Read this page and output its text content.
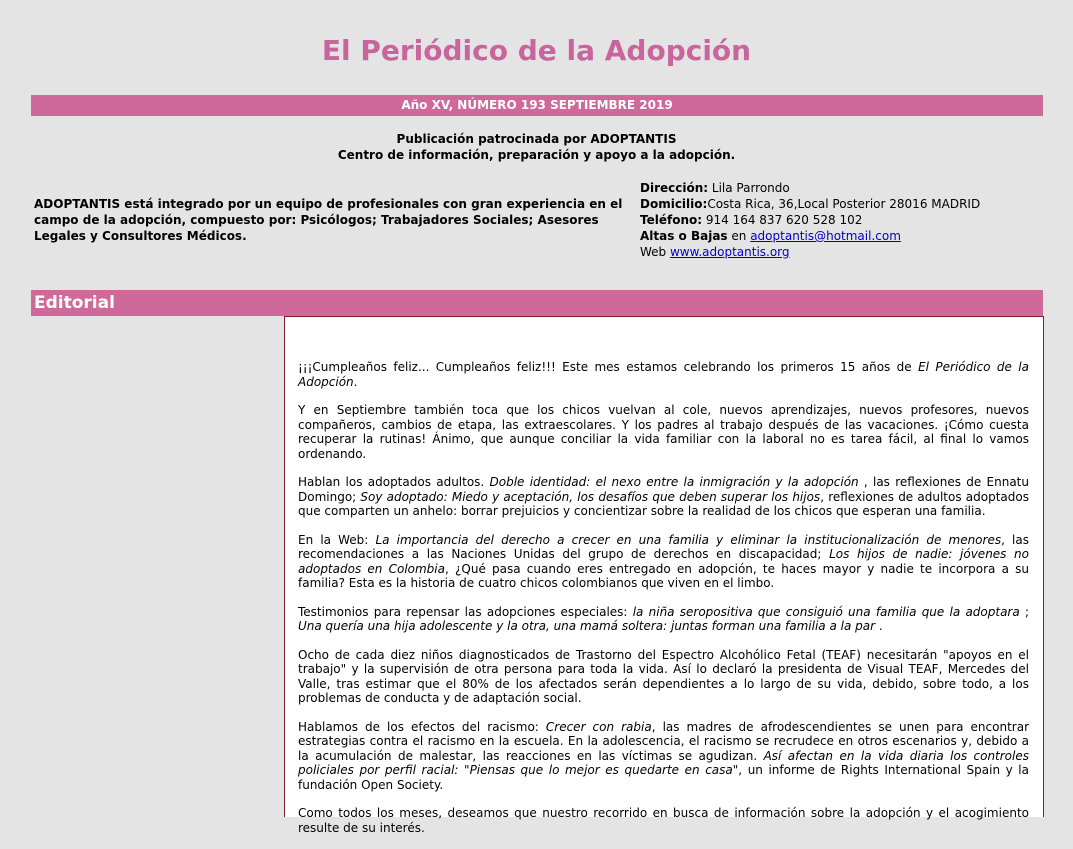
El Periódico de la Adopción
Año XV, NÚMERO 193 SEPTIEMBRE 2019
Publicación patrocinada por ADOPTANTIS
Centro de información, preparación y apoyo a la adopción.
ADOPTANTIS está integrado por un equipo de profesionales con gran experiencia en el campo de la adopción, compuesto por: Psicólogos; Trabajadores Sociales; Asesores Legales y Consultores Médicos.
Dirección: Lila Parrondo
Domicilio:Costa Rica, 36,Local Posterior 28016 MADRID
Teléfono: 914 164 837 620 528 102
Altas o Bajas en adoptantis@hotmail.com
Web www.adoptantis.org
Editorial

¡¡¡Cumpleaños feliz... Cumpleaños feliz!!! Este mes estamos celebrando los primeros 15 años de El Periódico de la Adopción.

Y en Septiembre también toca que los chicos vuelvan al cole, nuevos aprendizajes, nuevos profesores, nuevos compañeros, cambios de etapa, las extraescolares. Y los padres al trabajo después de las vacaciones. ¡Cómo cuesta recuperar la rutinas! Ánimo, que aunque conciliar la vida familiar con la laboral no es tarea fácil, al final lo vamos ordenando.

Hablan los adoptados adultos. Doble identidad: el nexo entre la inmigración y la adopción , las reflexiones de Ennatu Domingo; Soy adoptado: Miedo y aceptación, los desafíos que deben superar los hijos, reflexiones de adultos adoptados que comparten un anhelo: borrar prejuicios y concientizar sobre la realidad de los chicos que esperan una familia.

En la Web: La importancia del derecho a crecer en una familia y eliminar la institucionalización de menores, las recomendaciones a las Naciones Unidas del grupo de derechos en discapacidad; Los hijos de nadie: jóvenes no adoptados en Colombia, ¿Qué pasa cuando eres entregado en adopción, te haces mayor y nadie te incorpora a su familia? Esta es la historia de cuatro chicos colombianos que viven en el limbo.

Testimonios para repensar las adopciones especiales: la niña seropositiva que consiguió una familia que la adoptara ; Una quería una hija adolescente y la otra, una mamá soltera: juntas forman una familia a la par .

Ocho de cada diez niños diagnosticados de Trastorno del Espectro Alcohólico Fetal (TEAF) necesitarán "apoyos en el trabajo" y la supervisión de otra persona para toda la vida. Así lo declaró la presidenta de Visual TEAF, Mercedes del Valle, tras estimar que el 80% de los afectados serán dependientes a lo largo de su vida, debido, sobre todo, a los problemas de conducta y de adaptación social.

Hablamos de los efectos del racismo: Crecer con rabia, las madres de afrodescendientes se unen para encontrar estrategias contra el racismo en la escuela. En la adolescencia, el racismo se recrudece en otros escenarios y, debido a la acumulación de malestar, las reacciones en las víctimas se agudizan. Así afectan en la vida diaria los controles policiales por perfil racial: "Piensas que lo mejor es quedarte en casa", un informe de Rights International Spain y la fundación Open Society.

Como todos los meses, deseamos que nuestro recorrido en busca de información sobre la adopción y el acogimiento resulte de su interés.
